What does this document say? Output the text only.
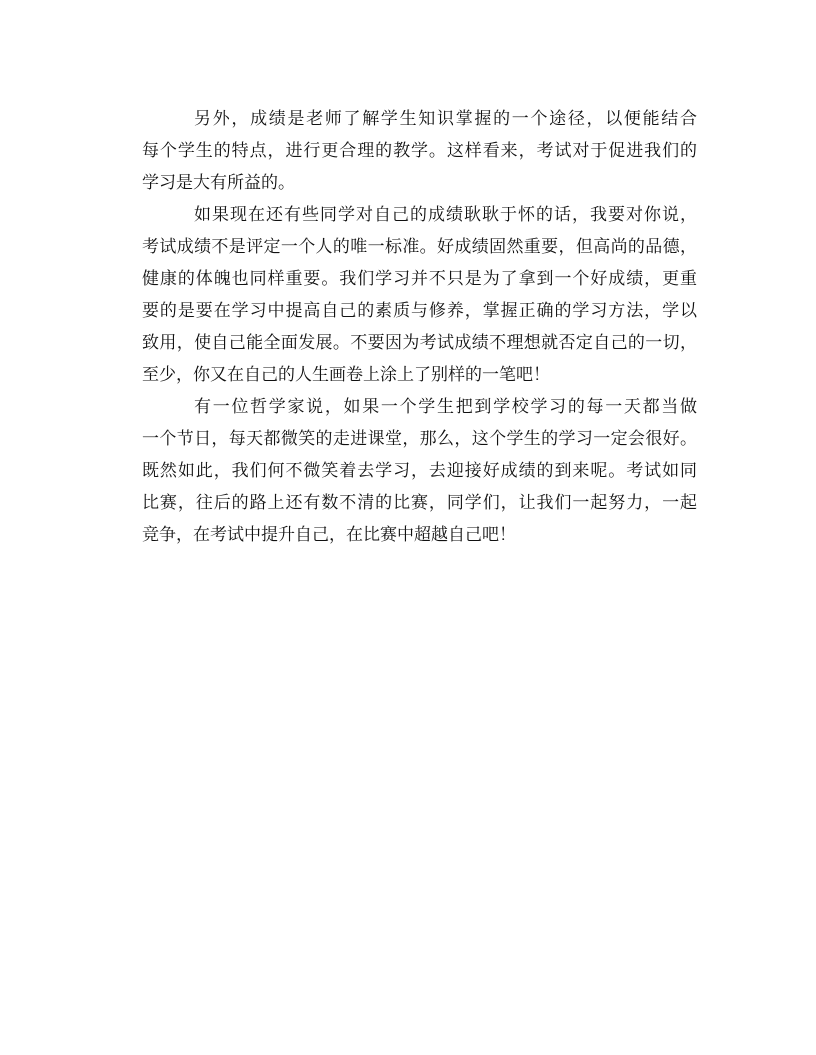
另外，成绩是老师了解学生知识掌握的一个途径，以便能结合
每个学生的特点，进行更合理的教学。这样看来，考试对于促进我们的
学习是大有所益的。
如果现在还有些同学对自己的成绩耿耿于怀的话，我要对你说，
考试成绩不是评定一个人的唯一标准。好成绩固然重要，但高尚的品德，
健康的体魄也同样重要。我们学习并不只是为了拿到一个好成绩，更重
要的是要在学习中提高自己的素质与修养，掌握正确的学习方法，学以
致用，使自己能全面发展。不要因为考试成绩不理想就否定自己的一切，
至少，你又在自己的人生画卷上涂上了别样的一笔吧！
有一位哲学家说，如果一个学生把到学校学习的每一天都当做
一个节日，每天都微笑的走进课堂，那么，这个学生的学习一定会很好。
既然如此，我们何不微笑着去学习，去迎接好成绩的到来呢。考试如同
比赛，往后的路上还有数不清的比赛，同学们，让我们一起努力，一起
竞争，在考试中提升自己，在比赛中超越自己吧！
